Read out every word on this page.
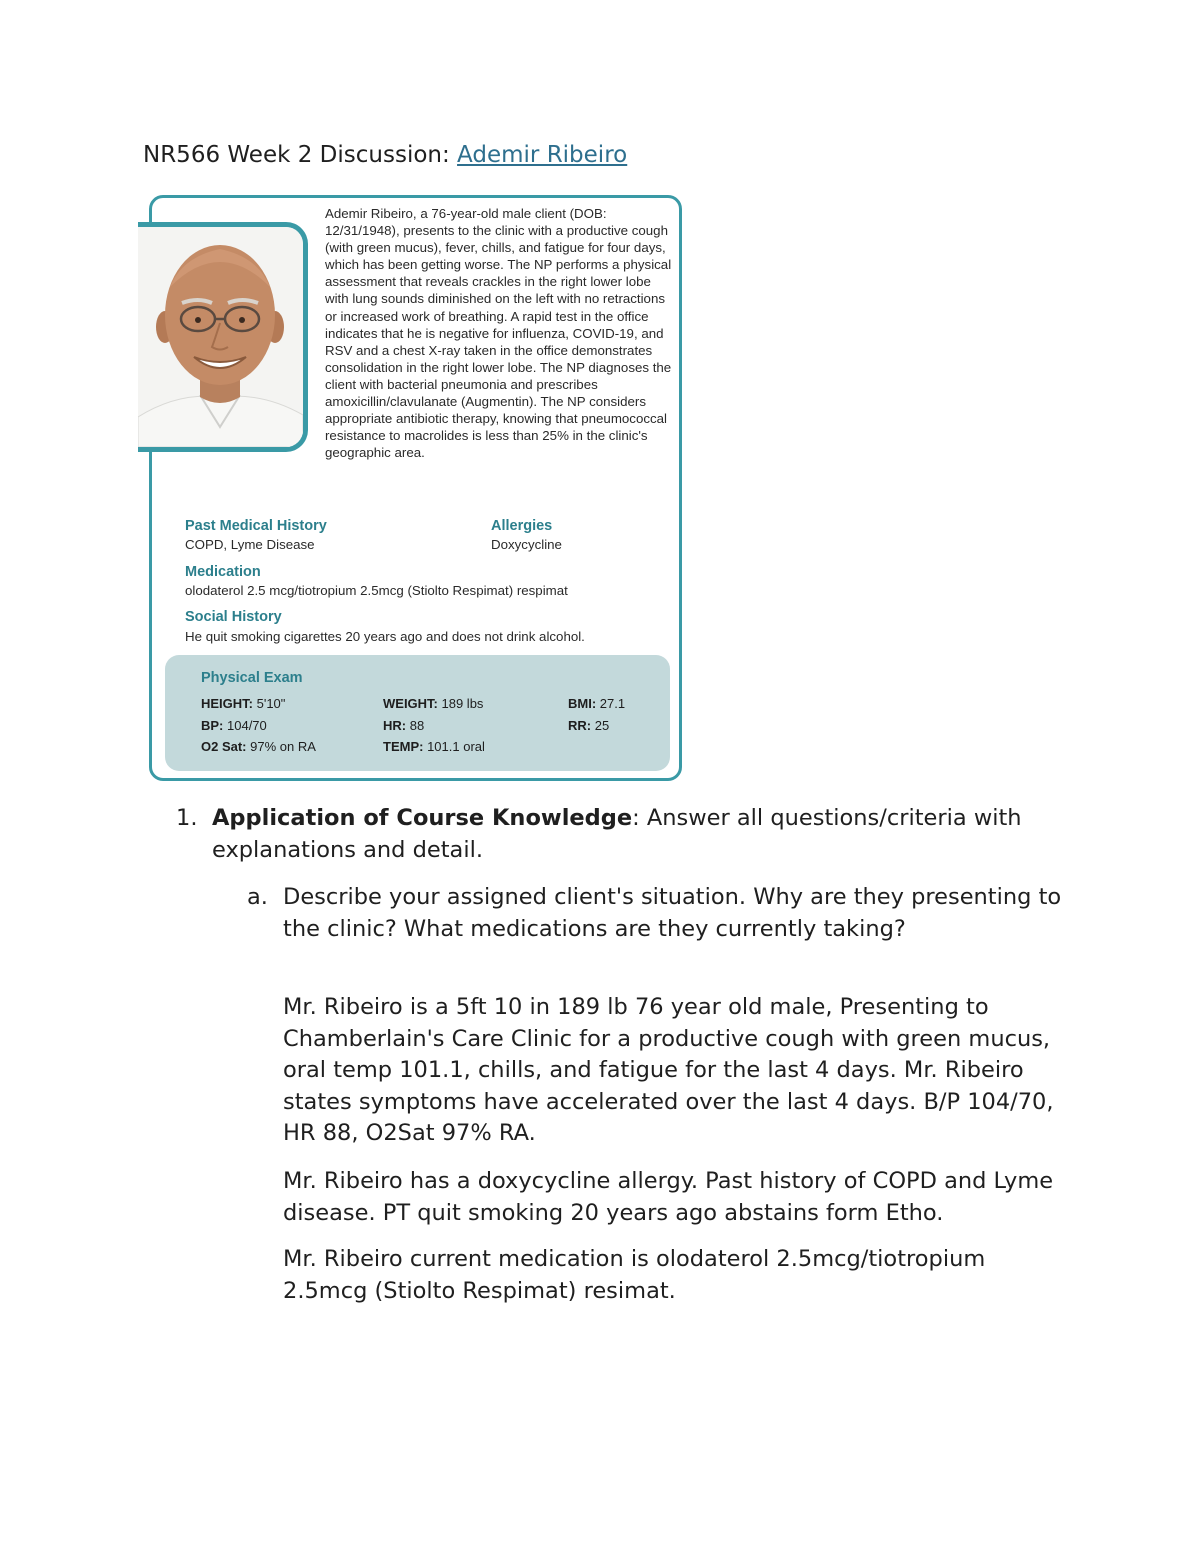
NR566 Week 2 Discussion: Ademir Ribeiro
Ademir Ribeiro, a 76-year-old male client (DOB: 12/31/1948), presents to the clinic with a productive cough (with green mucus), fever, chills, and fatigue for four days, which has been getting worse. The NP performs a physical assessment that reveals crackles in the right lower lobe with lung sounds diminished on the left with no retractions or increased work of breathing. A rapid test in the office indicates that he is negative for influenza, COVID-19, and RSV and a chest X-ray taken in the office demonstrates consolidation in the right lower lobe. The NP diagnoses the client with bacterial pneumonia and prescribes amoxicillin/clavulanate (Augmentin). The NP considers appropriate antibiotic therapy, knowing that pneumococcal resistance to macrolides is less than 25% in the clinic's geographic area.
Past Medical History
COPD, Lyme Disease
Allergies
Doxycycline
Medication
olodaterol 2.5 mcg/tiotropium 2.5mcg (Stiolto Respimat) respimat
Social History
He quit smoking cigarettes 20 years ago and does not drink alcohol.
Physical Exam
HEIGHT: 5'10"	WEIGHT: 189 lbs	BMI: 27.1
BP: 104/70	HR: 88	RR: 25
O2 Sat: 97% on RA	TEMP: 101.1 oral
1. Application of Course Knowledge: Answer all questions/criteria with explanations and detail.
a. Describe your assigned client's situation. Why are they presenting to the clinic? What medications are they currently taking?
Mr. Ribeiro is a 5ft 10 in 189 lb 76 year old male, Presenting to Chamberlain's Care Clinic for a productive cough with green mucus, oral temp 101.1, chills, and fatigue for the last 4 days. Mr. Ribeiro states symptoms have accelerated over the last 4 days. B/P 104/70, HR 88, O2Sat 97% RA.
Mr. Ribeiro has a doxycycline allergy. Past history of COPD and Lyme disease. PT quit smoking 20 years ago abstains form Etho.
Mr. Ribeiro current medication is olodaterol 2.5mcg/tiotropium 2.5mcg (Stiolto Respimat) resimat.
